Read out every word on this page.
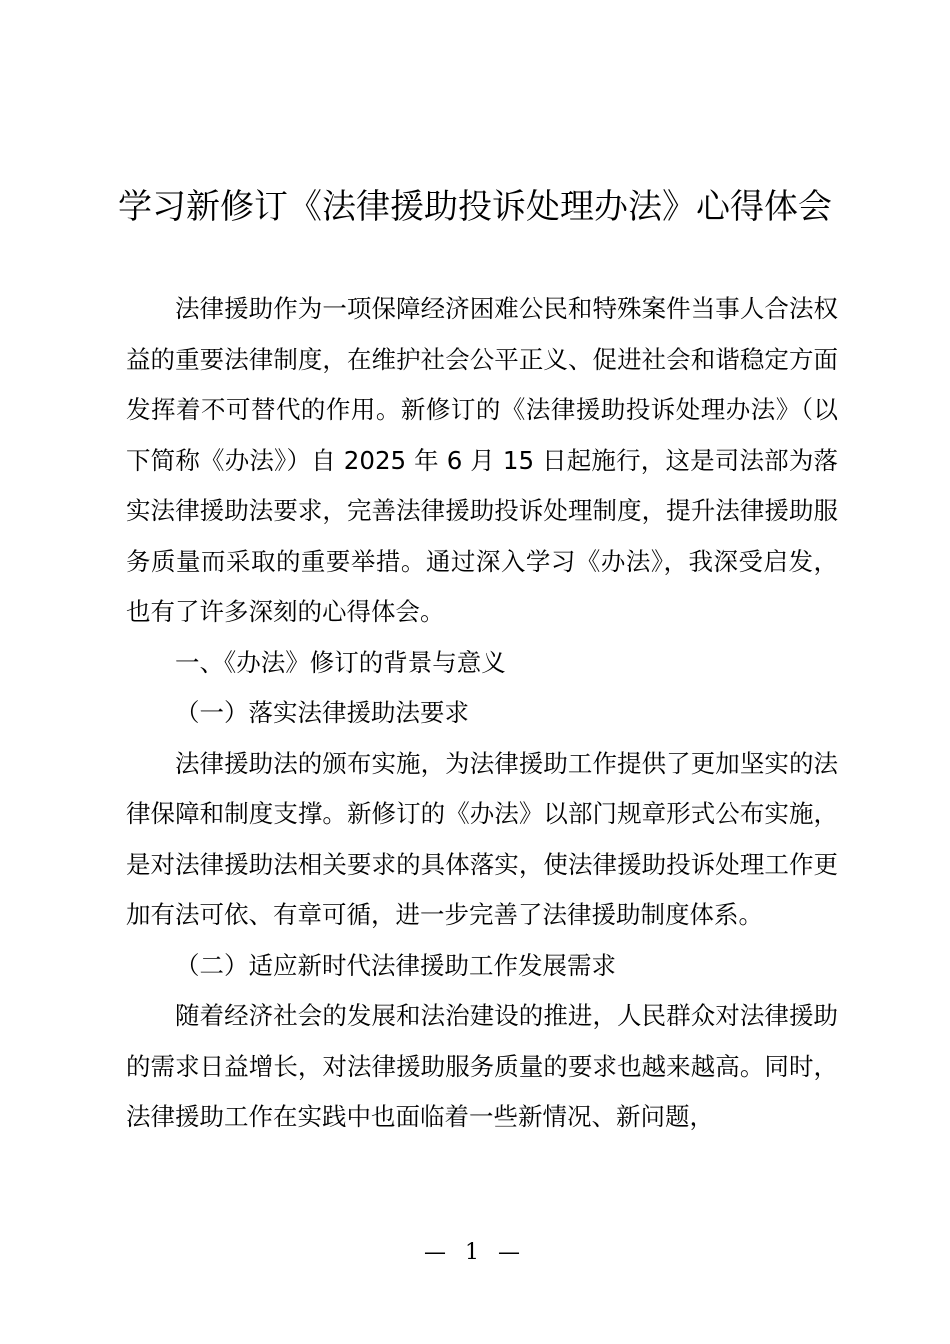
学习新修订《法律援助投诉处理办法》心得体会

法律援助作为一项保障经济困难公民和特殊案件当事人合法权益的重要法律制度，在维护社会公平正义、促进社会和谐稳定方面发挥着不可替代的作用。新修订的《法律援助投诉处理办法》（以下简称《办法》）自 2025 年 6 月 15 日起施行，这是司法部为落实法律援助法要求，完善法律援助投诉处理制度，提升法律援助服务质量而采取的重要举措。通过深入学习《办法》，我深受启发，也有了许多深刻的心得体会。

一、《办法》修订的背景与意义

（一）落实法律援助法要求

法律援助法的颁布实施，为法律援助工作提供了更加坚实的法律保障和制度支撑。新修订的《办法》以部门规章形式公布实施，是对法律援助法相关要求的具体落实，使法律援助投诉处理工作更加有法可依、有章可循，进一步完善了法律援助制度体系。

（二）适应新时代法律援助工作发展需求

随着经济社会的发展和法治建设的推进，人民群众对法律援助的需求日益增长，对法律援助服务质量的要求也越来越高。同时，法律援助工作在实践中也面临着一些新情况、新问题，

— 1 —
